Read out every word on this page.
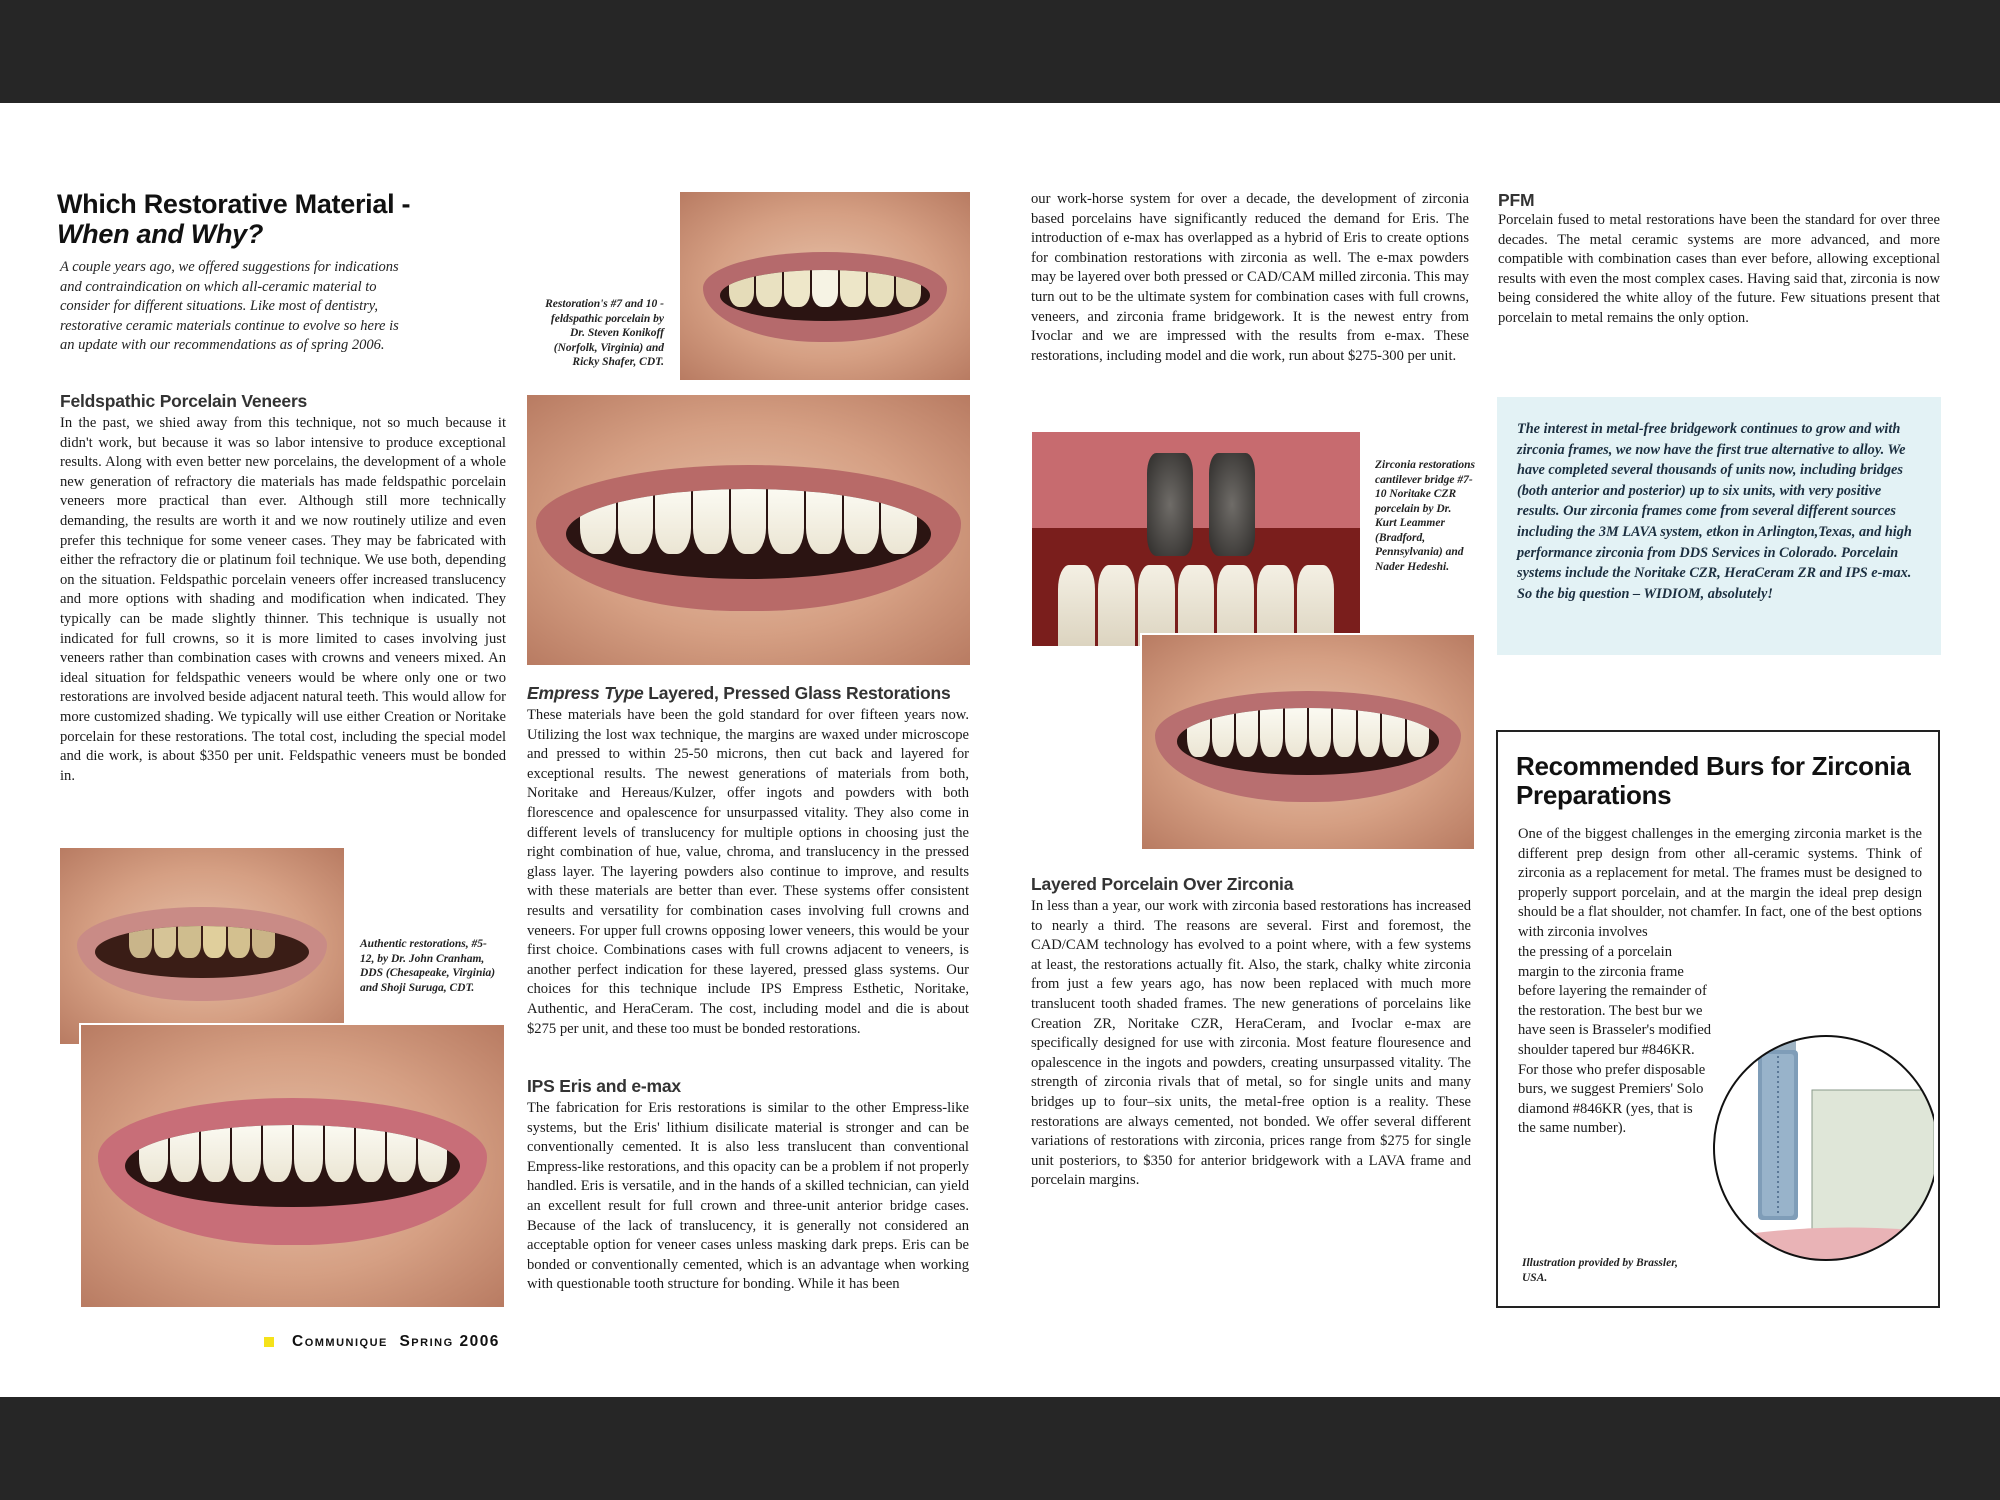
Which Restorative Material -
When and Why?
A couple years ago, we offered suggestions for indications and contraindication on which all-ceramic material to consider for different situations. Like most of dentistry, restorative ceramic materials continue to evolve so here is an update with our recommendations as of spring 2006.
Feldspathic Porcelain Veneers
In the past, we shied away from this technique, not so much because it didn't work, but because it was so labor intensive to produce exceptional results. Along with even better new porcelains, the development of a whole new generation of refractory die materials has made feldspathic porcelain veneers more practical than ever. Although still more technically demanding, the results are worth it and we now routinely utilize and even prefer this technique for some veneer cases. They may be fabricated with either the refractory die or platinum foil technique. We use both, depending on the situation. Feldspathic porcelain veneers offer increased translucency and more options with shading and modification when indicated. They typically can be made slightly thinner. This technique is usually not indicated for full crowns, so it is more limited to cases involving just veneers rather than combination cases with crowns and veneers mixed. An ideal situation for feldspathic veneers would be where only one or two restorations are involved beside adjacent natural teeth. This would allow for more customized shading. We typically will use either Creation or Noritake porcelain for these restorations. The total cost, including the special model and die work, is about $350 per unit. Feldspathic veneers must be bonded in.
Authentic restorations, #5-12, by Dr. John Cranham, DDS (Chesapeake, Virginia) and Shoji Suruga, CDT.
Restoration's #7 and 10 - feldspathic porcelain by Dr. Steven Konikoff (Norfolk, Virginia) and Ricky Shafer, CDT.
Empress Type Layered, Pressed Glass Restorations
These materials have been the gold standard for over fifteen years now. Utilizing the lost wax technique, the margins are waxed under microscope and pressed to within 25-50 microns, then cut back and layered for exceptional results. The newest generations of materials from both, Noritake and Hereaus/Kulzer, offer ingots and powders with both florescence and opalescence for unsurpassed vitality. They also come in different levels of translucency for multiple options in choosing just the right combination of hue, value, chroma, and translucency in the pressed glass layer. The layering powders also continue to improve, and results with these materials are better than ever. These systems offer consistent results and versatility for combination cases involving full crowns and veneers. For upper full crowns opposing lower veneers, this would be your first choice. Combinations cases with full crowns adjacent to veneers, is another perfect indication for these layered, pressed glass systems. Our choices for this technique include IPS Empress Esthetic, Noritake, Authentic, and HeraCeram. The cost, including model and die is about $275 per unit, and these too must be bonded restorations.
IPS Eris and e-max
The fabrication for Eris restorations is similar to the other Empress-like systems, but the Eris' lithium disilicate material is stronger and can be conventionally cemented. It is also less translucent than conventional Empress-like restorations, and this opacity can be a problem if not properly handled. Eris is versatile, and in the hands of a skilled technician, can yield an excellent result for full crown and three-unit anterior bridge cases. Because of the lack of translucency, it is generally not considered an acceptable option for veneer cases unless masking dark preps. Eris can be bonded or conventionally cemented, which is an advantage when working with questionable tooth structure for bonding. While it has been
our work-horse system for over a decade, the development of zirconia based porcelains have significantly reduced the demand for Eris. The introduction of e-max has overlapped as a hybrid of Eris to create options for combination restorations with zirconia as well. The e-max powders may be layered over both pressed or CAD/CAM milled zirconia. This may turn out to be the ultimate system for combination cases with full crowns, veneers, and zirconia frame bridgework. It is the newest entry from Ivoclar and we are impressed with the results from e-max. These restorations, including model and die work, run about $275-300 per unit.
Zirconia restorations cantilever bridge #7-10 Noritake CZR porcelain by Dr. Kurt Leammer (Bradford, Pennsylvania) and Nader Hedeshi.
Layered Porcelain Over Zirconia
In less than a year, our work with zirconia based restorations has increased to nearly a third. The reasons are several. First and foremost, the CAD/CAM technology has evolved to a point where, with a few systems at least, the restorations actually fit. Also, the stark, chalky white zirconia from just a few years ago, has now been replaced with much more translucent tooth shaded frames. The new generations of porcelains like Creation ZR, Noritake CZR, HeraCeram, and Ivoclar e-max are specifically designed for use with zirconia. Most feature flouresence and opalescence in the ingots and powders, creating unsurpassed vitality. The strength of zirconia rivals that of metal, so for single units and many bridges up to four–six units, the metal-free option is a reality. These restorations are always cemented, not bonded. We offer several different variations of restorations with zirconia, prices range from $275 for single unit posteriors, to $350 for anterior bridgework with a LAVA frame and porcelain margins.
PFM
Porcelain fused to metal restorations have been the standard for over three decades. The metal ceramic systems are more advanced, and more compatible with combination cases than ever before, allowing exceptional results with even the most complex cases. Having said that, zirconia is now being considered the white alloy of the future. Few situations present that porcelain to metal remains the only option.

The interest in metal-free bridgework continues to grow and with zirconia frames, we now have the first true alternative to alloy. We have completed several thousands of units now, including bridges (both anterior and posterior) up to six units, with very positive results. Our zirconia frames come from several different sources including the 3M LAVA system, etkon in Arlington,Texas, and high performance zirconia from DDS Services in Colorado. Porcelain systems include the Noritake CZR, HeraCeram ZR and IPS e-max. So the big question – WIDIOM, absolutely!

Recommended Burs for Zirconia
Preparations
One of the biggest challenges in the emerging zirconia market is the different prep design from other all-ceramic systems. Think of zirconia as a replacement for metal. The frames must be designed to properly support porcelain, and at the margin the ideal prep design should be a flat shoulder, not chamfer. In fact, one of the best options with zirconia involves
the pressing of a porcelain margin to the zirconia frame before layering the remainder of the restoration. The best bur we have seen is Brasseler's modified shoulder tapered bur #846KR. For those who prefer disposable burs, we suggest Premiers' Solo diamond #846KR (yes, that is the same number).
Illustration provided by Brassler, USA.
Communique  Spring 2006
